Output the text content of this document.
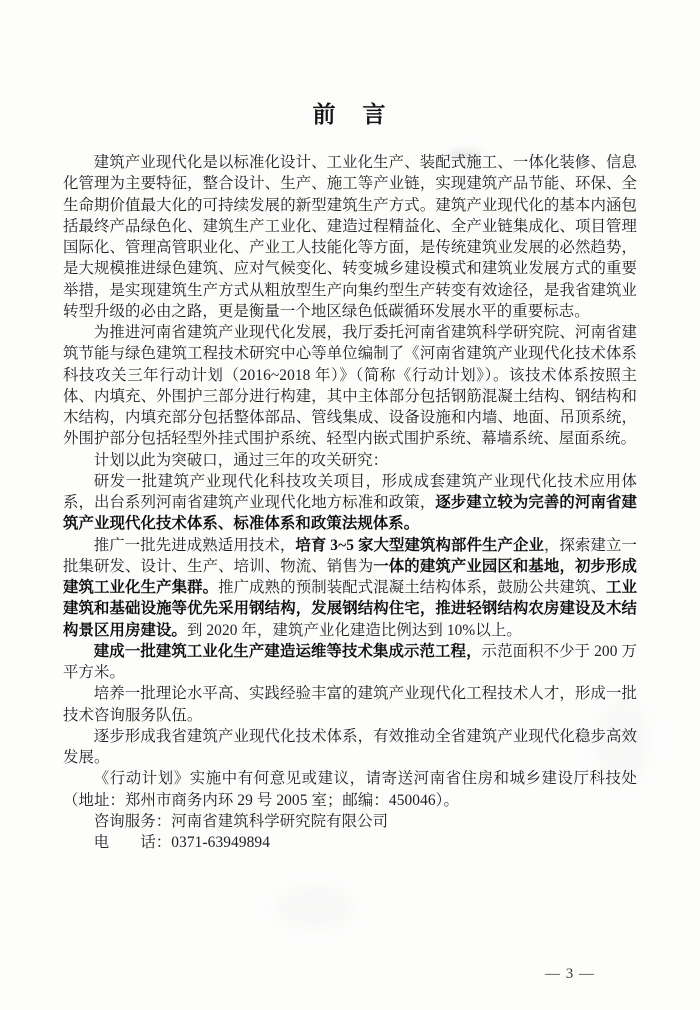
前　言

建筑产业现代化是以标准化设计、工业化生产、装配式施工、一体化装修、信息化管理为主要特征，整合设计、生产、施工等产业链，实现建筑产品节能、环保、全生命期价值最大化的可持续发展的新型建筑生产方式。建筑产业现代化的基本内涵包括最终产品绿色化、建筑生产工业化、建造过程精益化、全产业链集成化、项目管理国际化、管理高管职业化、产业工人技能化等方面，是传统建筑业发展的必然趋势，是大规模推进绿色建筑、应对气候变化、转变城乡建设模式和建筑业发展方式的重要举措，是实现建筑生产方式从粗放型生产向集约型生产转变有效途径，是我省建筑业转型升级的必由之路，更是衡量一个地区绿色低碳循环发展水平的重要标志。

为推进河南省建筑产业现代化发展，我厅委托河南省建筑科学研究院、河南省建筑节能与绿色建筑工程技术研究中心等单位编制了《河南省建筑产业现代化技术体系科技攻关三年行动计划（2016~2018 年）》（简称《行动计划》）。该技术体系按照主体、内填充、外围护三部分进行构建，其中主体部分包括钢筋混凝土结构、钢结构和木结构，内填充部分包括整体部品、管线集成、设备设施和内墙、地面、吊顶系统，外围护部分包括轻型外挂式围护系统、轻型内嵌式围护系统、幕墙系统、屋面系统。

计划以此为突破口，通过三年的攻关研究：

研发一批建筑产业现代化科技攻关项目，形成成套建筑产业现代化技术应用体系，出台系列河南省建筑产业现代化地方标准和政策，逐步建立较为完善的河南省建筑产业现代化技术体系、标准体系和政策法规体系。

推广一批先进成熟适用技术，培育 3~5 家大型建筑构部件生产企业，探索建立一批集研发、设计、生产、培训、物流、销售为一体的建筑产业园区和基地，初步形成建筑工业化生产集群。推广成熟的预制装配式混凝土结构体系，鼓励公共建筑、工业建筑和基础设施等优先采用钢结构，发展钢结构住宅，推进轻钢结构农房建设及木结构景区用房建设。到 2020 年，建筑产业化建造比例达到 10%以上。

建成一批建筑工业化生产建造运维等技术集成示范工程，示范面积不少于 200 万平方米。

培养一批理论水平高、实践经验丰富的建筑产业现代化工程技术人才，形成一批技术咨询服务队伍。

逐步形成我省建筑产业现代化技术体系，有效推动全省建筑产业现代化稳步高效发展。

《行动计划》实施中有何意见或建议，请寄送河南省住房和城乡建设厅科技处（地址：郑州市商务内环 29 号 2005 室；邮编：450046）。

咨询服务：河南省建筑科学研究院有限公司

电　　话：0371-63949894

— 3 —
